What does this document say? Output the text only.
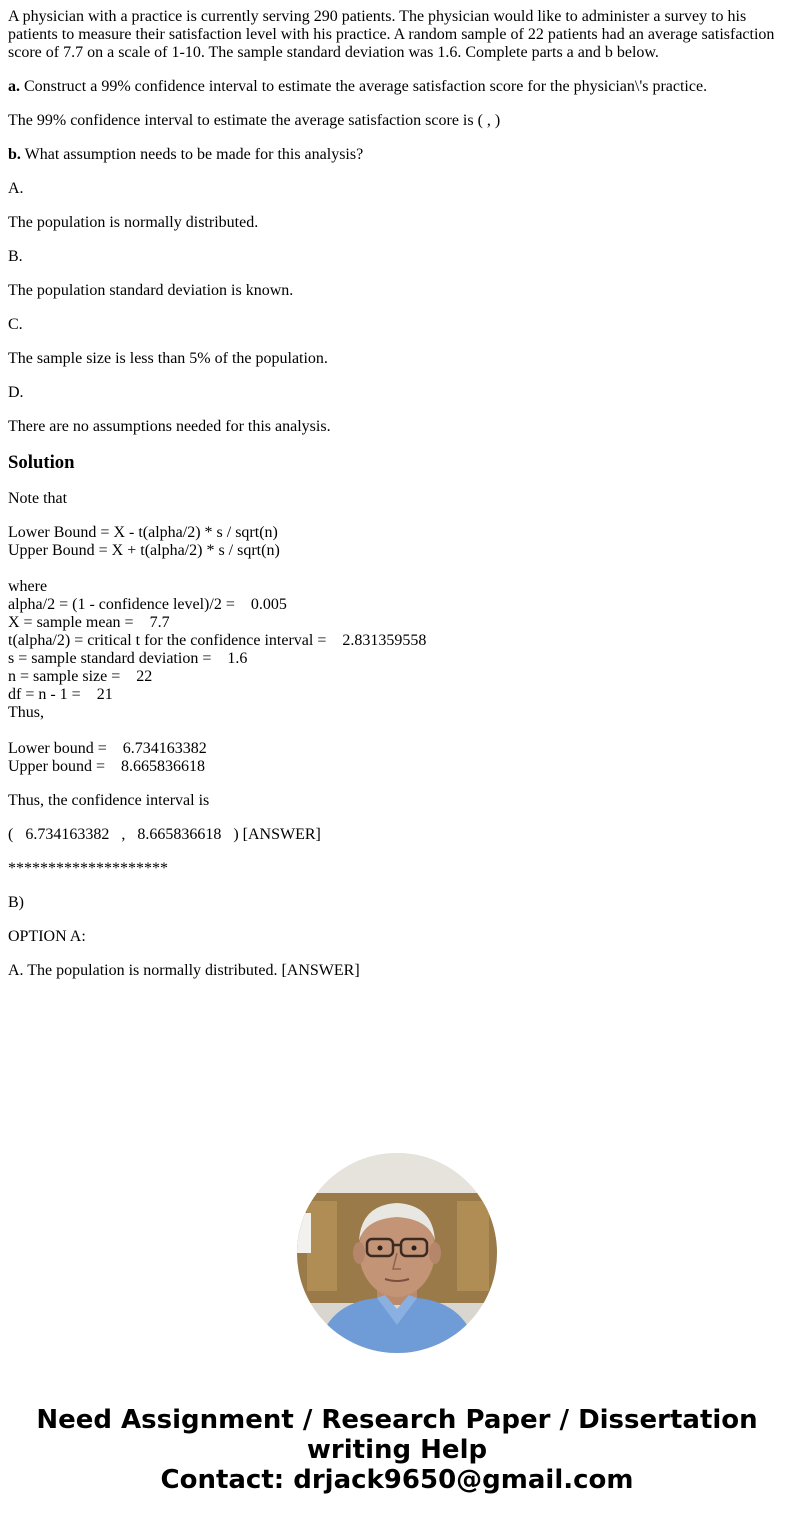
A physician with a practice is currently serving 290 patients. The physician would like to administer a survey to his patients to measure their satisfaction level with his practice. A random sample of 22 patients had an average satisfaction score of 7.7 on a scale of 1-10. The sample standard deviation was 1.6. Complete parts a and b below.

a. Construct a 99% confidence interval to estimate the average satisfaction score for the physician\'s practice.

The 99% confidence interval to estimate the average satisfaction score is ( , )

b. What assumption needs to be made for this analysis?

A.

The population is normally distributed.

B.

The population standard deviation is known.

C.

The sample size is less than 5% of the population.

D.

There are no assumptions needed for this analysis.

Solution

Note that

Lower Bound = X - t(alpha/2) * s / sqrt(n)
Upper Bound = X + t(alpha/2) * s / sqrt(n)
where
alpha/2 = (1 - confidence level)/2 =    0.005
X = sample mean =    7.7
t(alpha/2) = critical t for the confidence interval =    2.831359558
s = sample standard deviation =    1.6
n = sample size =    22
df = n - 1 =    21
Thus,
Lower bound =    6.734163382
Upper bound =    8.665836618

Thus, the confidence interval is

(   6.734163382   ,   8.665836618   ) [ANSWER]

********************

B)

OPTION A:

A. The population is normally distributed. [ANSWER]

Need Assignment / Research Paper / Dissertation
writing Help
Contact: drjack9650@gmail.com
